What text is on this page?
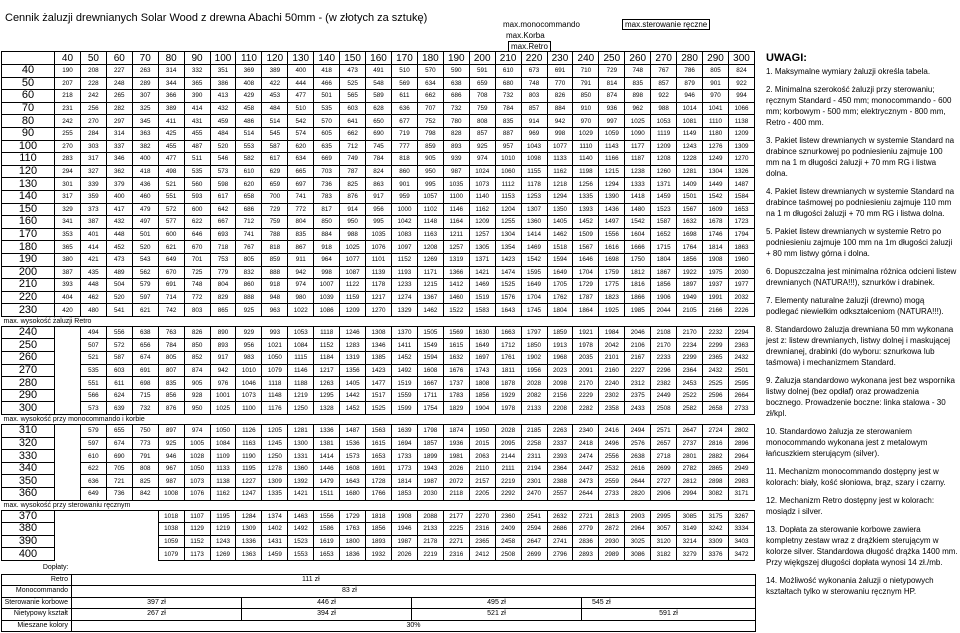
Cennik żaluzji drewnianych Solar Wood z drewna Abachi 50mm - (w złotych za sztukę)
max.monocommando	max.sterowanie ręczne
max.Korba
max.Retro
	40	50	60	70	80	90	100	110	120	130	140	150	160	170	180	190	200	210	220	230	240	250	260	270	280	290	300
40	190	208	227	263	314	332	351	369	389	400	418	473	491	510	570	590	591	610	673	691	710	729	748	767	786	805	824
50	207	228	248	289	344	365	386	408	422	444	466	525	548	569	634	638	659	680	748	770	791	814	835	857	879	901	922
60	218	242	265	307	366	390	413	429	453	477	501	565	589	611	662	686	708	732	803	826	850	874	898	922	946	970	994
70	231	256	282	325	389	414	432	458	484	510	535	603	628	636	707	732	759	784	857	884	910	936	962	988	1014	1041	1066
80	242	270	297	345	411	431	459	486	514	542	570	641	650	677	752	780	808	835	914	942	970	997	1025	1053	1081	1110	1138
90	255	284	314	363	425	455	484	514	545	574	605	662	690	719	798	828	857	887	969	998	1029	1059	1090	1119	1149	1180	1209
100	270	303	337	382	455	487	520	553	587	620	635	712	745	777	859	893	925	957	1043	1077	1110	1143	1177	1209	1243	1276	1309
110	283	317	346	400	477	511	546	582	617	634	669	749	784	818	905	939	974	1010	1098	1133	1140	1166	1187	1208	1228	1249	1270
120	294	327	362	418	498	535	573	610	629	665	703	787	824	860	950	987	1024	1060	1155	1162	1198	1215	1238	1260	1281	1304	1326
130	301	339	379	436	521	560	598	620	659	697	736	825	863	901	995	1035	1073	1112	1178	1218	1256	1294	1333	1371	1409	1449	1487
140	317	359	400	460	551	593	617	658	700	741	783	876	917	959	1057	1100	1140	1153	1253	1294	1335	1390	1418	1459	1501	1542	1584
150	329	373	417	479	572	600	642	686	729	772	817	914	956	1000	1102	1146	1162	1204	1307	1350	1393	1436	1480	1523	1567	1609	1653
160	341	387	432	497	577	622	667	712	759	804	850	950	995	1042	1148	1164	1209	1255	1360	1405	1452	1497	1542	1587	1632	1678	1723
170	353	401	448	501	600	646	693	741	788	835	884	988	1035	1083	1163	1211	1257	1304	1414	1462	1509	1556	1604	1652	1698	1746	1794
180	365	414	452	520	621	670	718	767	818	867	918	1025	1076	1097	1208	1257	1305	1354	1469	1518	1567	1616	1666	1715	1764	1814	1863
190	380	421	473	543	649	701	753	805	859	911	964	1077	1101	1152	1269	1319	1371	1423	1542	1594	1646	1698	1750	1804	1856	1908	1960
200	387	435	489	562	670	725	779	832	888	942	998	1087	1139	1193	1171	1366	1421	1474	1595	1649	1704	1759	1812	1867	1922	1975	2030
210	393	448	504	579	691	748	804	860	918	974	1007	1122	1178	1233	1215	1412	1469	1525	1649	1705	1729	1775	1816	1856	1897	1937	1977
220	404	462	520	597	714	772	829	888	948	980	1039	1159	1217	1274	1367	1460	1519	1576	1704	1762	1787	1823	1866	1906	1949	1991	2032
230	420	480	541	621	742	803	865	925	963	1022	1086	1209	1270	1329	1462	1522	1583	1643	1745	1804	1864	1925	1985	2044	2105	2166	2226
max. wysokość żaluzji Retro																											
240		494	556	638	763	826	890	929	993	1053	1118	1246	1308	1370	1505	1569	1630	1663	1797	1859	1921	1984	2046	2108	2170	2232	2294
250		507	572	656	784	850	893	956	1021	1084	1152	1283	1346	1411	1549	1615	1649	1712	1850	1913	1978	2042	2106	2170	2234	2299	2363
260		521	587	674	805	852	917	983	1050	1115	1184	1319	1385	1452	1594	1632	1697	1761	1902	1968	2035	2101	2167	2233	2299	2365	2432
270		535	603	691	807	874	942	1010	1079	1146	1217	1356	1423	1492	1608	1676	1743	1811	1956	2023	2091	2160	2227	2296	2364	2432	2501
280		551	611	698	835	905	976	1046	1118	1188	1263	1405	1477	1519	1667	1737	1808	1878	2028	2098	2170	2240	2312	2382	2453	2525	2595
290		566	624	715	856	928	1001	1073	1148	1219	1295	1442	1517	1559	1711	1783	1856	1929	2082	2156	2229	2302	2375	2449	2522	2596	2664
300		573	639	732	876	950	1025	1100	1176	1250	1328	1452	1525	1599	1754	1829	1904	1978	2133	2208	2282	2358	2433	2508	2582	2658	2733
max. wysokość przy monocommando i korbie																											
310		579	655	750	897	974	1050	1126	1205	1281	1336	1487	1563	1639	1798	1874	1950	2028	2185	2263	2340	2416	2494	2571	2647	2724	2802
320		597	674	773	925	1005	1084	1163	1245	1300	1381	1536	1615	1694	1857	1936	2015	2095	2258	2337	2418	2496	2576	2657	2737	2816	2896
330		610	690	791	946	1028	1109	1190	1250	1331	1414	1573	1653	1733	1899	1981	2063	2144	2311	2393	2474	2556	2638	2718	2801	2882	2964
340		622	705	808	967	1050	1133	1195	1278	1360	1446	1608	1691	1773	1943	2026	2110	2111	2194	2364	2447	2532	2616	2699	2782	2865	2949
350		636	721	825	987	1073	1138	1227	1309	1392	1479	1643	1728	1814	1987	2072	2157	2219	2301	2388	2473	2559	2644	2727	2812	2898	2983
360		649	736	842	1008	1076	1162	1247	1335	1421	1511	1680	1766	1853	2030	2118	2205	2292	2470	2557	2644	2733	2820	2906	2994	3082	3171
max. wysokość przy sterowaniu ręcznym																											
370					1018	1107	1195	1284	1374	1463	1556	1729	1818	1908	2088	2177	2270	2360	2541	2632	2721	2813	2903	2995	3085	3175	3267
380					1038	1129	1219	1309	1402	1492	1586	1763	1856	1946	2133	2225	2316	2409	2594	2686	2779	2872	2964	3057	3149	3242	3334
390					1059	1152	1243	1336	1431	1523	1619	1800	1893	1987	2178	2271	2365	2458	2647	2741	2836	2930	3025	3120	3214	3309	3403
400					1079	1173	1269	1363	1459	1553	1653	1836	1932	2026	2219	2316	2412	2508	2699	2796	2893	2989	3086	3182	3279	3376	3472
Dopłaty:				
Retro	111 zł			
Monocommando	83 zł			
Sterowanie korbowe	397 zł	446 zł	495 zł	545 zł
Nietypowy kształt	267 zł	394 zł	521 zł	591 zł
Mieszane kolory	30%			
UWAGI:

1. Maksymalne wymiary żaluzji określa tabela.

2. Minimalna szerokość żaluzji przy sterowaniu; ręcznym Standard - 450 mm; monocommando - 600 mm; korbowym - 500 mm; elektrycznym - 800 mm, Retro - 400 mm.

3. Pakiet listew drewnianych w systemie Standard na drabince sznurkowej po podniesieniu zajmuje 100 mm na 1 m długości żaluzji + 70 mm RG i listwa dolna.

4. Pakiet listew drewnianych w systemie Standard na drabince taśmowej po podniesieniu zajmuje 110 mm na 1 m długości żaluzji + 70 mm RG i listwa dolna.

5. Pakiet listew drewnianych w systemie Retro po podniesieniu zajmuje 100 mm na 1m długości żaluzji + 80 mm listwy górna i dolna.

6. Dopuszczalna jest minimalna różnica odcieni listew drewnianych (NATURA!!!), sznurków i drabinek.

7. Elementy naturalne żaluzji (drewno) mogą podlegać niewielkim odkształceniom (NATURA!!!).

8. Standardowo żaluzja drewniana 50 mm wykonana jest z: listew drewnianych, listwy dolnej i maskującej drewnianej, drabinki (do wyboru: sznurkowa lub taśmowa) i mechanizmem Standard.

9. Żaluzja standardowo wykonana jest bez wspornika listwy dolnej (bez opdłaf) oraz prowadzenia bocznego. Prowadzenie boczne: linka stalowa - 30 zł/kpl.

10. Standardowo żaluzja ze sterowaniem monocommando wykonana jest z metalowym łańcuszkiem sterującym (silver).

11. Mechanizm monocommando dostępny jest w kolorach: biały, kość słoniowa, brąz, szary i czarny.

12. Mechanizm Retro dostępny jest w kolorach: mosiądz i silver.

13. Dopłata za sterowanie korbowe zawiera kompletny zestaw wraz z drążkiem sterującym w kolorze silver. Standardowa długość drążka 1400 mm. Przy więkgszej długości dopłata wynosi 14 zł./mb.

14. Możliwość wykonania żaluzji o nietypowych kształtach tylko w sterowaniu ręcznym HP.
